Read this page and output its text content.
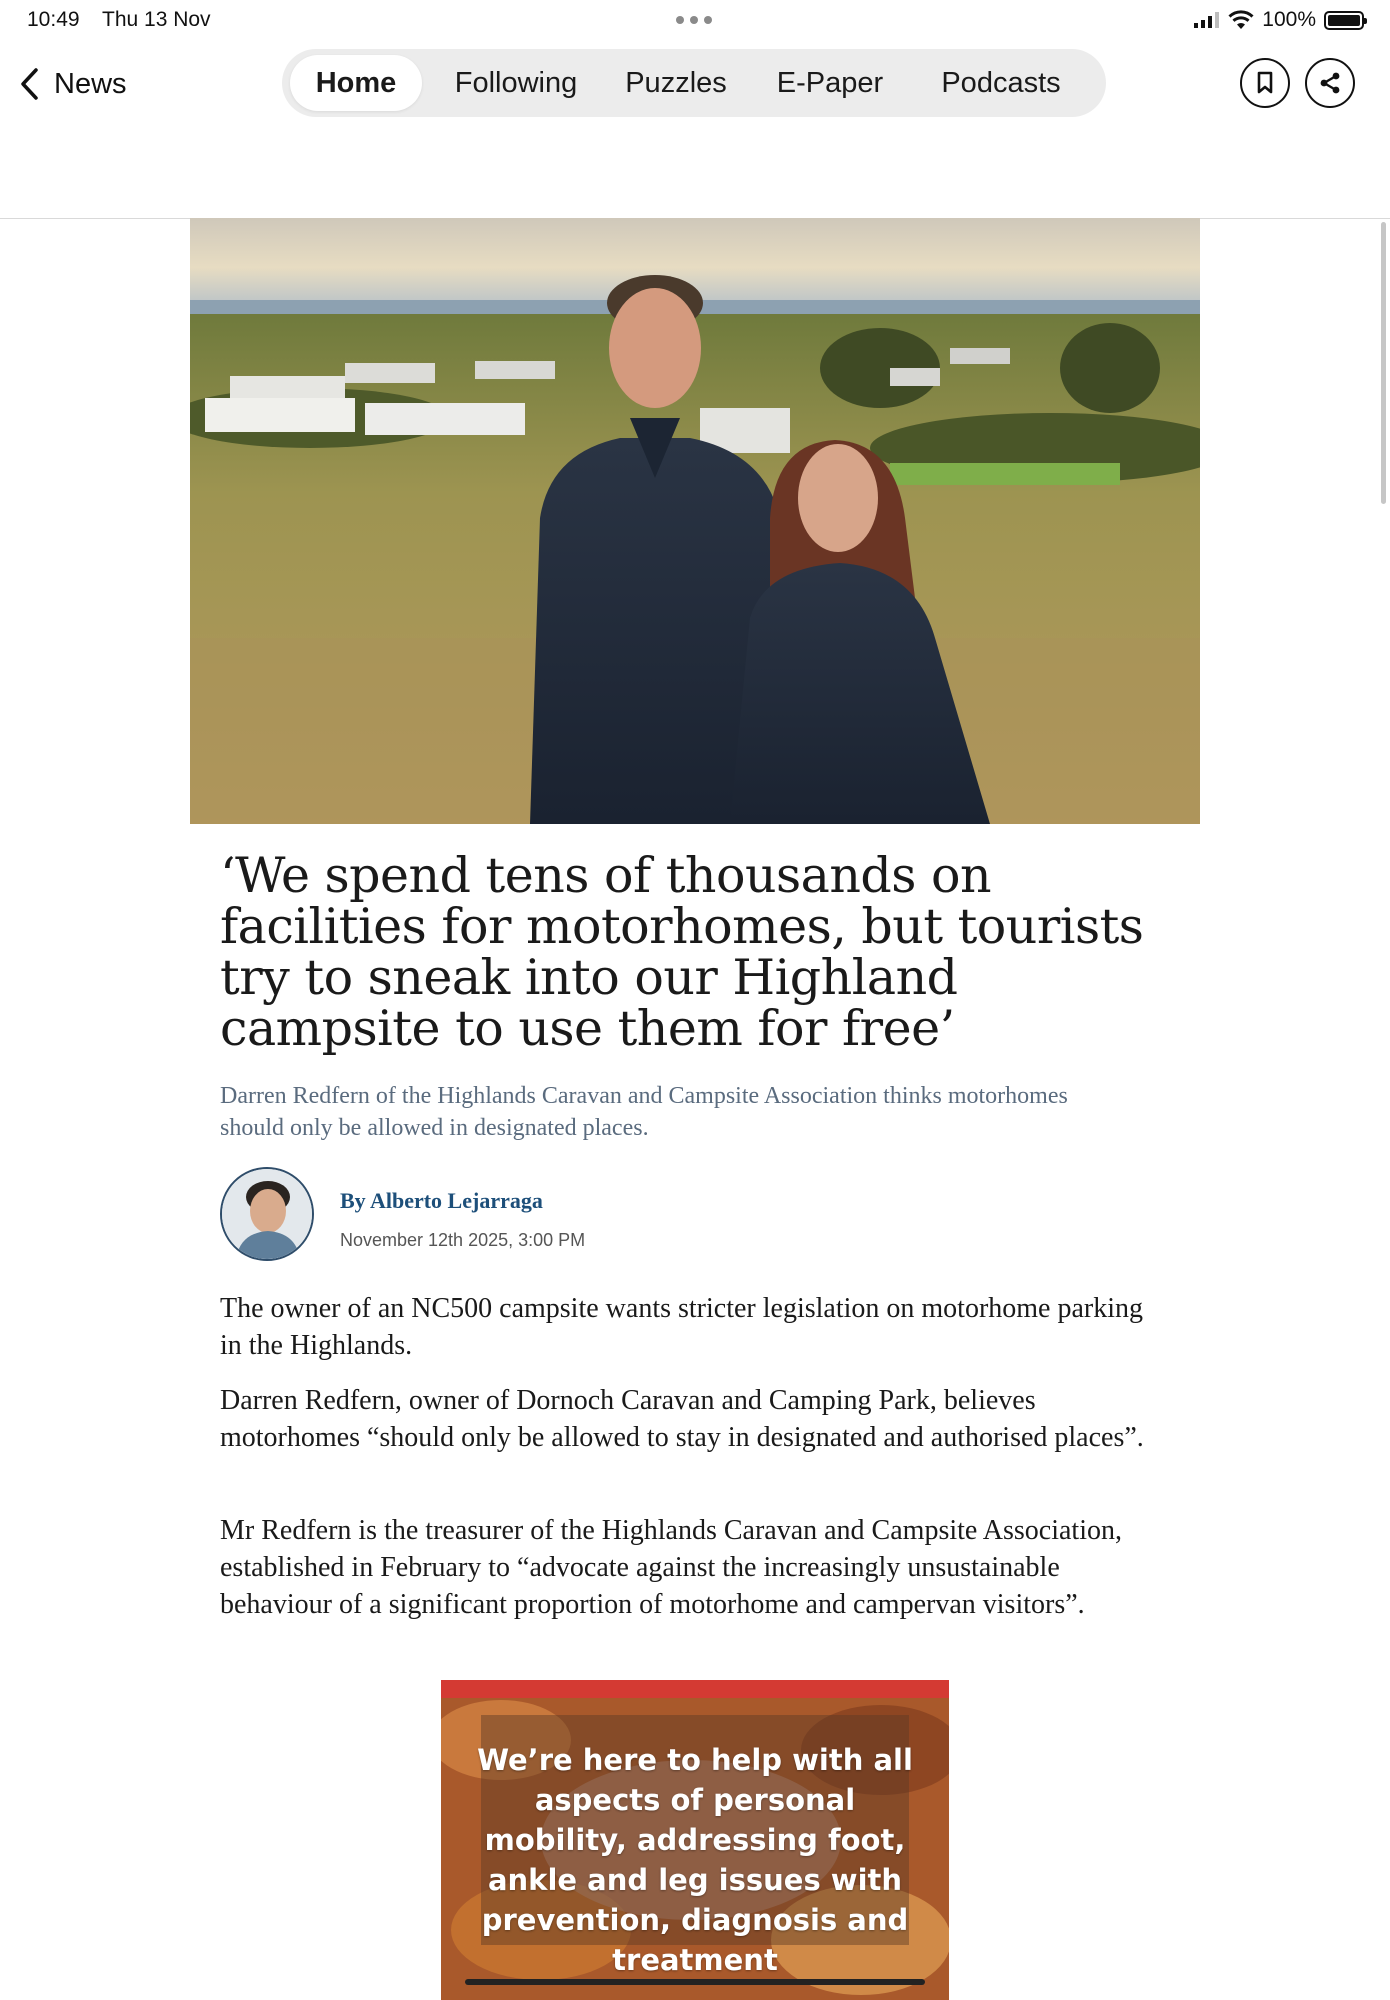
10:49 Thu 13 Nov	100%
News	Home	Following	Puzzles	E-Paper	Podcasts
‘We spend tens of thousands on facilities for motorhomes, but tourists try to sneak into our Highland campsite to use them for free’
Darren Redfern of the Highlands Caravan and Campsite Association thinks motorhomes should only be allowed in designated places.
By Alberto Lejarraga
November 12th 2025, 3:00 PM

The owner of an NC500 campsite wants stricter legislation on motorhome parking in the Highlands.

Darren Redfern, owner of Dornoch Caravan and Camping Park, believes motorhomes “should only be allowed to stay in designated and authorised places”.

Mr Redfern is the treasurer of the Highlands Caravan and Campsite Association, established in February to “advocate against the increasingly unsustainable behaviour of a significant proportion of motorhome and campervan visitors”.

We’re here to help with all aspects of personal mobility, addressing foot, ankle and leg issues with prevention, diagnosis and treatment
